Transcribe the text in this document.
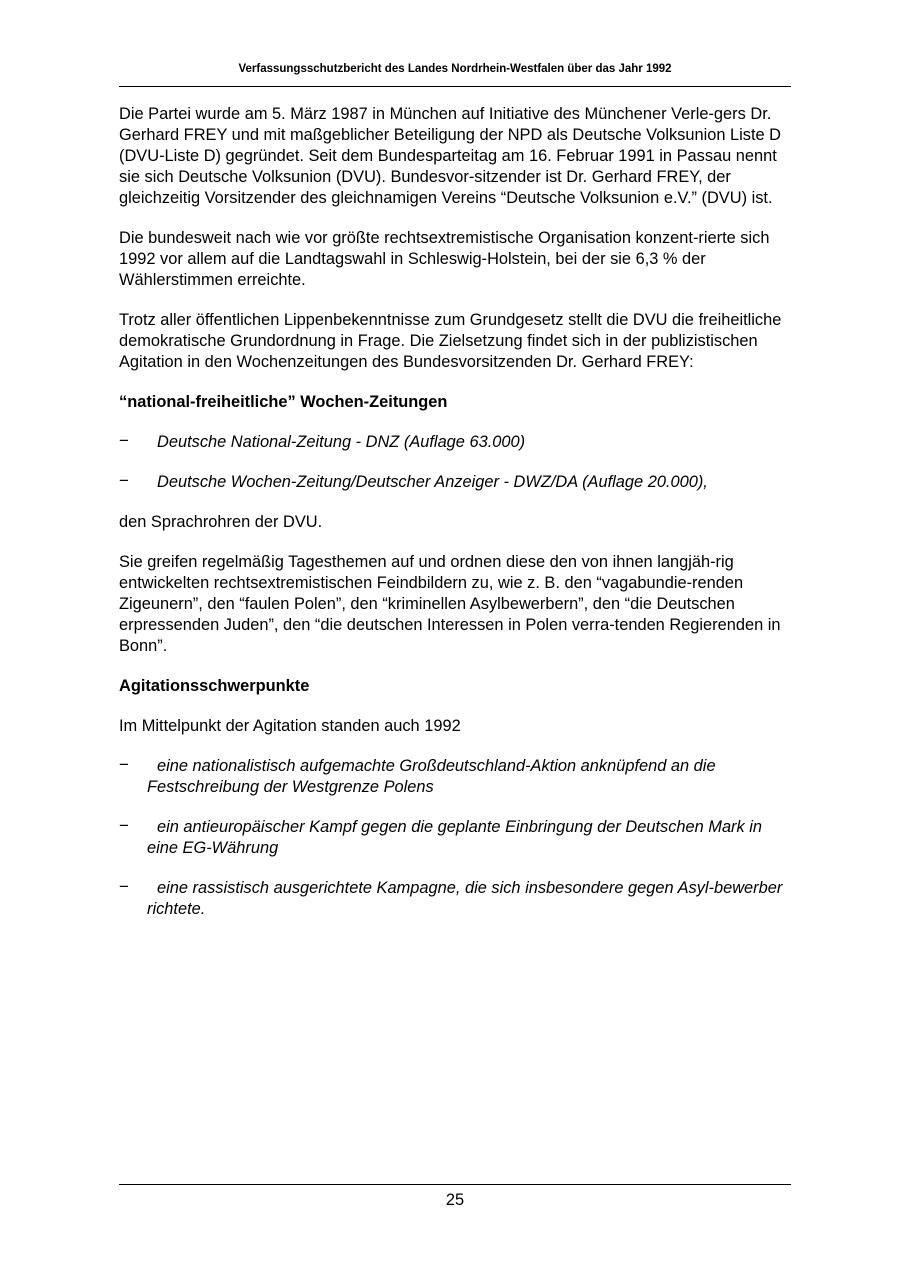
Verfassungsschutzbericht des Landes Nordrhein-Westfalen über das Jahr 1992

Die Partei wurde am 5. März 1987 in München auf Initiative des Münchener Verle-gers Dr. Gerhard FREY und mit maßgeblicher Beteiligung der NPD als Deutsche Volksunion Liste D (DVU-Liste D) gegründet. Seit dem Bundesparteitag am 16. Februar 1991 in Passau nennt sie sich Deutsche Volksunion (DVU). Bundesvor-sitzender ist Dr. Gerhard FREY, der gleichzeitig Vorsitzender des gleichnamigen Vereins “Deutsche Volksunion e.V.” (DVU) ist.

Die bundesweit nach wie vor größte rechtsextremistische Organisation konzent-rierte sich 1992 vor allem auf die Landtagswahl in Schleswig-Holstein, bei der sie 6,3 % der Wählerstimmen erreichte.

Trotz aller öffentlichen Lippenbekenntnisse zum Grundgesetz stellt die DVU die freiheitliche demokratische Grundordnung in Frage. Die Zielsetzung findet sich in der publizistischen Agitation in den Wochenzeitungen des Bundesvorsitzenden Dr. Gerhard FREY:

“national-freiheitliche” Wochen-Zeitungen
− Deutsche National-Zeitung - DNZ (Auflage 63.000)
− Deutsche Wochen-Zeitung/Deutscher Anzeiger - DWZ/DA (Auflage 20.000),

den Sprachrohren der DVU.

Sie greifen regelmäßig Tagesthemen auf und ordnen diese den von ihnen langjäh-rig entwickelten rechtsextremistischen Feindbildern zu, wie z. B. den “vagabundie-renden Zigeunern”, den “faulen Polen”, den “kriminellen Asylbewerbern”, den “die Deutschen erpressenden Juden”, den “die deutschen Interessen in Polen verra-tenden Regierenden in Bonn”.

Agitationsschwerpunkte

Im Mittelpunkt der Agitation standen auch 1992

−	eine nationalistisch aufgemachte Großdeutschland-Aktion anknüpfend an die Festschreibung der Westgrenze Polens
−	ein antieuropäischer Kampf gegen die geplante Einbringung der Deutschen Mark in eine EG-Währung
−	eine rassistisch ausgerichtete Kampagne, die sich insbesondere gegen Asyl-bewerber richtete.
25
